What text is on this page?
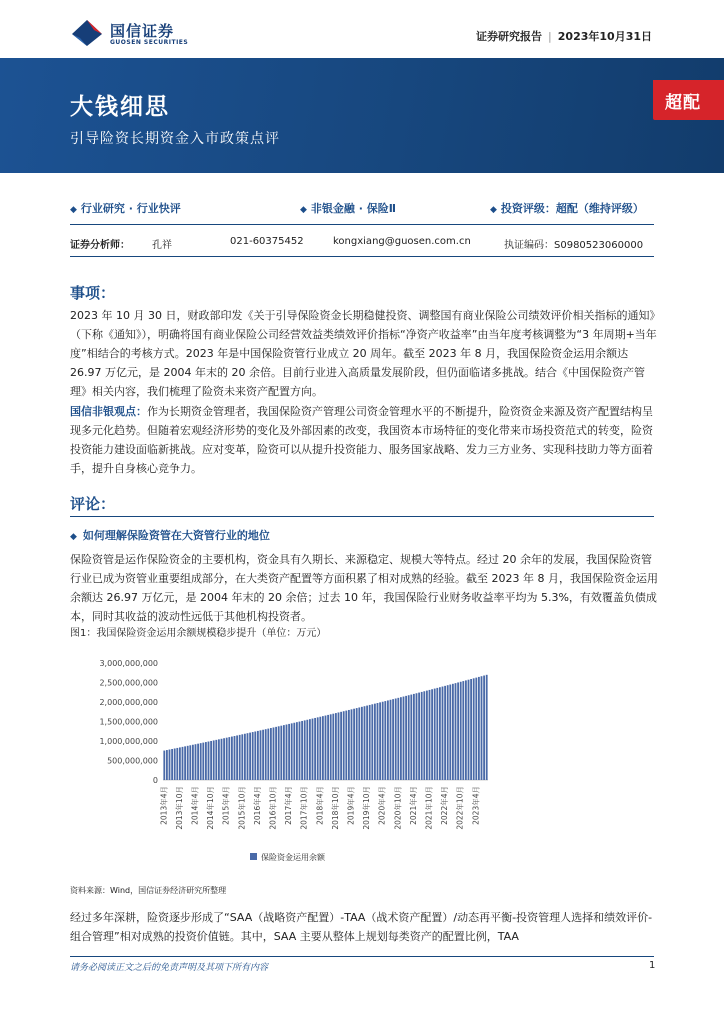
国信证券
GUOSEN SECURITIES	证券研究报告 | 2023年10月31日
大钱细思
引导险资长期资金入市政策点评
超配
◆ 行业研究 · 行业快评	◆ 非银金融 · 保险Ⅱ	◆ 投资评级：超配（维持评级）
证券分析师： 孔祥	021-60375452	kongxiang@guosen.com.cn	执证编码：S0980523060000
事项：
2023 年 10 月 30 日，财政部印发《关于引导保险资金长期稳健投资、调整国有商业保险公司绩效评价相关指标的通知》（下称《通知》），明确将国有商业保险公司经营效益类绩效评价指标“净资产收益率”由当年度考核调整为“3 年周期+当年度”相结合的考核方式。2023 年是中国保险资管行业成立 20 周年。截至 2023 年 8 月，我国保险资金运用余额达 26.97 万亿元，是 2004 年末的 20 余倍。目前行业进入高质量发展阶段，但仍面临诸多挑战。结合《中国保险资产管理》相关内容，我们梳理了险资未来资产配置方向。
国信非银观点：作为长期资金管理者，我国保险资产管理公司资金管理水平的不断提升，险资资金来源及资产配置结构呈现多元化趋势。但随着宏观经济形势的变化及外部因素的改变，我国资本市场特征的变化带来市场投资范式的转变，险资投资能力建设面临新挑战。应对变革，险资可以从提升投资能力、服务国家战略、发力三方业务、实现科技助力等方面着手，提升自身核心竞争力。
评论：
◆ 如何理解保险资管在大资管行业的地位
保险资管是运作保险资金的主要机构，资金具有久期长、来源稳定、规模大等特点。经过 20 余年的发展，我国保险资管行业已成为资管业重要组成部分，在大类资产配置等方面积累了相对成熟的经验。截至 2023 年 8 月，我国保险资金运用余额达 26.97 万亿元，是 2004 年末的 20 余倍；过去 10 年，我国保险行业财务收益率平均为 5.3%，有效覆盖负债成本，同时其收益的波动性远低于其他机构投资者。
图1：我国保险资金运用余额规模稳步提升（单位：万元）
3,000,000,000
2,500,000,000
2,000,000,000
1,500,000,000
1,000,000,000
500,000,000
0
2013年4月 2013年10月 2014年4月 2014年10月 2015年4月 2015年10月 2016年4月 2016年10月 2017年4月 2017年10月 2018年4月 2018年10月 2019年4月 2019年10月 2020年4月 2020年10月 2021年4月 2021年10月 2022年4月 2022年10月 2023年4月
保险资金运用余额
资料来源：Wind，国信证券经济研究所整理
经过多年深耕，险资逐步形成了“SAA（战略资产配置）-TAA（战术资产配置）/动态再平衡-投资管理人选择和绩效评价-组合管理”相对成熟的投资价值链。其中，SAA 主要从整体上规划每类资产的配置比例，TAA
请务必阅读正文之后的免责声明及其项下所有内容	1
